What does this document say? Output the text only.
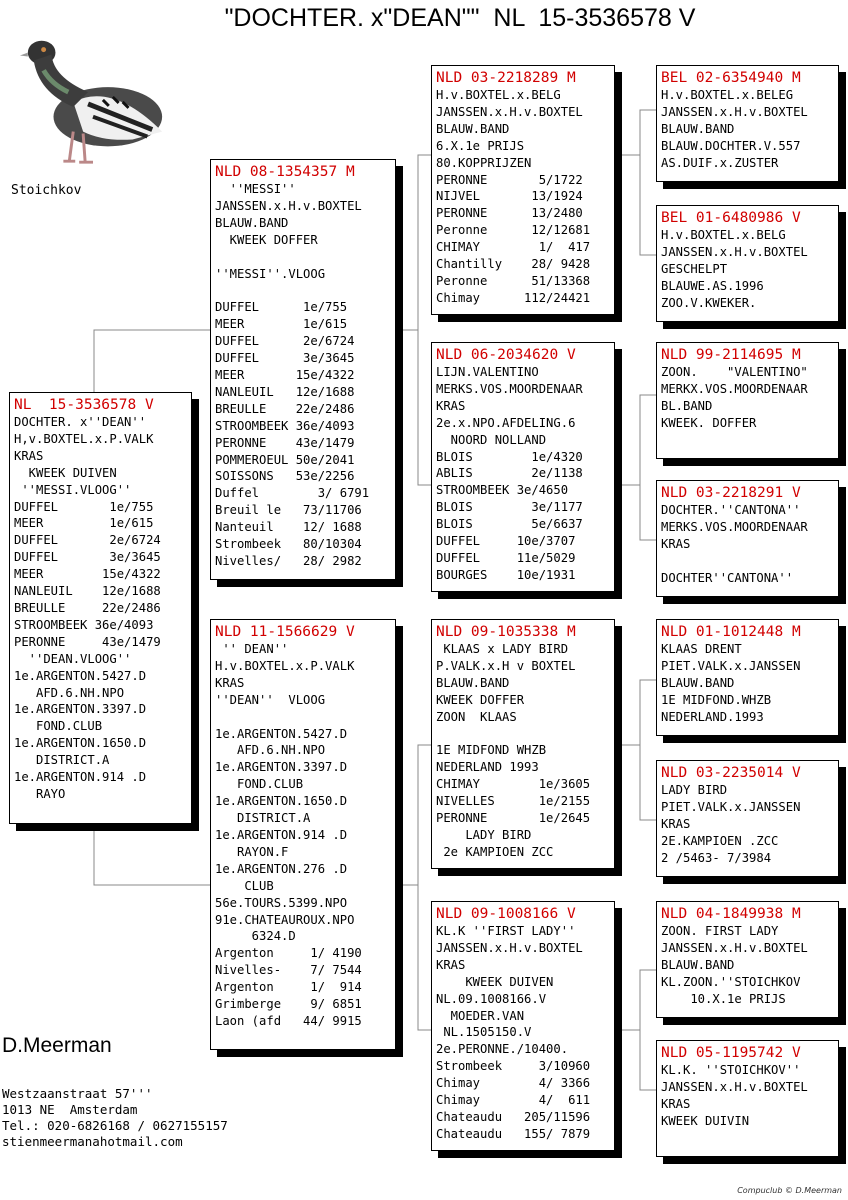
"DOCHTER. x"DEAN""  NL  15-3536578 V
Stoichkov
NL  15-3536578 V
DOCHTER. x''DEAN''
H,v.BOXTEL.x.P.VALK
KRAS
KWEEK DUIVEN
''MESSI.VLOOG''
DUFFEL       1e/755
MEER         1e/615
DUFFEL       2e/6724
DUFFEL       3e/3645
MEER        15e/4322
NANLEUIL    12e/1688
BREULLE     22e/2486
STROOMBEEK 36e/4093
PERONNE     43e/1479
''DEAN.VLOOG''
1e.ARGENTON.5427.D
AFD.6.NH.NPO
1e.ARGENTON.3397.D
FOND.CLUB
1e.ARGENTON.1650.D
DISTRICT.A
1e.ARGENTON.914 .D
RAYO
NLD 08-1354357 M
''MESSI''
JANSSEN.x.H.v.BOXTEL
BLAUW.BAND
KWEEK DOFFER

''MESSI''.VLOOG

DUFFEL      1e/755
MEER        1e/615
DUFFEL      2e/6724
DUFFEL      3e/3645
MEER       15e/4322
NANLEUIL   12e/1688
BREULLE    22e/2486
STROOMBEEK 36e/4093
PERONNE    43e/1479
POMMEROEUL 50e/2041
SOISSONS   53e/2256
Duffel        3/ 6791
Breuil le   73/11706
Nanteuil    12/ 1688
Strombeek   80/10304
Nivelles/   28/ 2982
NLD 11-1566629 V
'' DEAN''
H.v.BOXTEL.x.P.VALK
KRAS
''DEAN''  VLOOG

1e.ARGENTON.5427.D
AFD.6.NH.NPO
1e.ARGENTON.3397.D
FOND.CLUB
1e.ARGENTON.1650.D
DISTRICT.A
1e.ARGENTON.914 .D
RAYON.F
1e.ARGENTON.276 .D
CLUB
56e.TOURS.5399.NPO
91e.CHATEAUROUX.NPO
6324.D
Argenton     1/ 4190
Nivelles-    7/ 7544
Argenton     1/  914
Grimberge    9/ 6851
Laon (afd   44/ 9915
NLD 03-2218289 M
H.v.BOXTEL.x.BELG
JANSSEN.x.H.v.BOXTEL
BLAUW.BAND
6.X.1e PRIJS
80.KOPPRIJZEN
PERONNE       5/1722
NIJVEL       13/1924
PERONNE      13/2480
Peronne      12/12681
CHIMAY        1/  417
Chantilly    28/ 9428
Peronne      51/13368
Chimay      112/24421
NLD 06-2034620 V
LIJN.VALENTINO
MERKS.VOS.MOORDENAAR
KRAS
2e.x.NPO.AFDELING.6
NOORD NOLLAND
BLOIS        1e/4320
ABLIS        2e/1138
STROOMBEEK 3e/4650
BLOIS        3e/1177
BLOIS        5e/6637
DUFFEL     10e/3707
DUFFEL     11e/5029
BOURGES    10e/1931
NLD 09-1035338 M
KLAAS x LADY BIRD
P.VALK.x.H v BOXTEL
BLAUW.BAND
KWEEK DOFFER
ZOON  KLAAS

1E MIDFOND WHZB
NEDERLAND 1993
CHIMAY        1e/3605
NIVELLES      1e/2155
PERONNE       1e/2645
LADY BIRD
2e KAMPIOEN ZCC
NLD 09-1008166 V
KL.K ''FIRST LADY''
JANSSEN.x.H.v.BOXTEL
KRAS
KWEEK DUIVEN
NL.09.1008166.V
MOEDER.VAN
NL.1505150.V
2e.PERONNE./10400.
Strombeek     3/10960
Chimay        4/ 3366
Chimay        4/  611
Chateaudu   205/11596
Chateaudu   155/ 7879
BEL 02-6354940 M
H.v.BOXTEL.x.BELEG
JANSSEN.x.H.v.BOXTEL
BLAUW.BAND
BLAUW.DOCHTER.V.557
AS.DUIF.x.ZUSTER
BEL 01-6480986 V
H.v.BOXTEL.x.BELG
JANSSEN.x.H.v.BOXTEL
GESCHELPT
BLAUWE.AS.1996
ZOO.V.KWEKER.
NLD 99-2114695 M
ZOON.    "VALENTINO"
MERKX.VOS.MOORDENAAR
BL.BAND
KWEEK. DOFFER
NLD 03-2218291 V
DOCHTER.''CANTONA''
MERKS.VOS.MOORDENAAR
KRAS

DOCHTER''CANTONA''
NLD 01-1012448 M
KLAAS DRENT
PIET.VALK.x.JANSSEN
BLAUW.BAND
1E MIDFOND.WHZB
NEDERLAND.1993
NLD 03-2235014 V
LADY BIRD
PIET.VALK.x.JANSSEN
KRAS
2E.KAMPIOEN .ZCC
2 /5463- 7/3984
NLD 04-1849938 M
ZOON. FIRST LADY
JANSSEN.x.H.v.BOXTEL
BLAUW.BAND
KL.ZOON.''STOICHKOV
10.X.1e PRIJS
NLD 05-1195742 V
KL.K. ''STOICHKOV''
JANSSEN.x.H.v.BOXTEL
KRAS
KWEEK DUIVIN
D.Meerman
Westzaanstraat 57'''
1013 NE  Amsterdam
Tel.: 020-6826168 / 0627155157
stienmeermanahotmail.com
Compuclub © D.Meerman
